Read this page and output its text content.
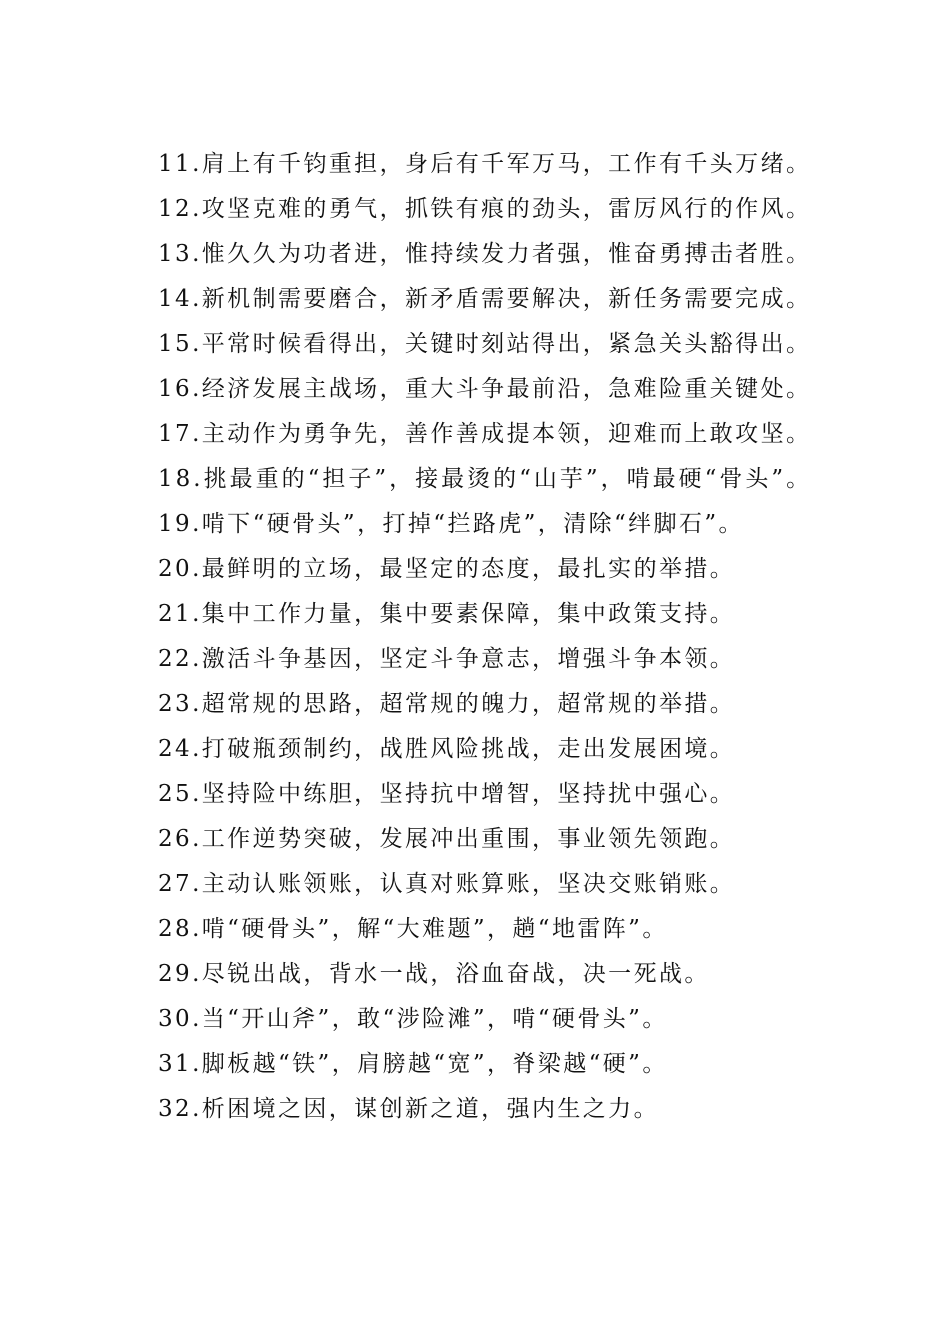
11.肩上有千钧重担，身后有千军万马，工作有千头万绪。
12.攻坚克难的勇气，抓铁有痕的劲头，雷厉风行的作风。
13.惟久久为功者进，惟持续发力者强，惟奋勇搏击者胜。
14.新机制需要磨合，新矛盾需要解决，新任务需要完成。
15.平常时候看得出，关键时刻站得出，紧急关头豁得出。
16.经济发展主战场，重大斗争最前沿，急难险重关键处。
17.主动作为勇争先，善作善成提本领，迎难而上敢攻坚。
18.挑最重的“担子”，接最烫的“山芋”，啃最硬“骨头”。
19.啃下“硬骨头”，打掉“拦路虎”，清除“绊脚石”。
20.最鲜明的立场，最坚定的态度，最扎实的举措。
21.集中工作力量，集中要素保障，集中政策支持。
22.激活斗争基因，坚定斗争意志，增强斗争本领。
23.超常规的思路，超常规的魄力，超常规的举措。
24.打破瓶颈制约，战胜风险挑战，走出发展困境。
25.坚持险中练胆，坚持抗中增智，坚持扰中强心。
26.工作逆势突破，发展冲出重围，事业领先领跑。
27.主动认账领账，认真对账算账，坚决交账销账。
28.啃“硬骨头”，解“大难题”，趟“地雷阵”。
29.尽锐出战，背水一战，浴血奋战，决一死战。
30.当“开山斧”，敢“涉险滩”，啃“硬骨头”。
31.脚板越“铁”，肩膀越“宽”，脊梁越“硬”。
32.析困境之因，谋创新之道，强内生之力。
